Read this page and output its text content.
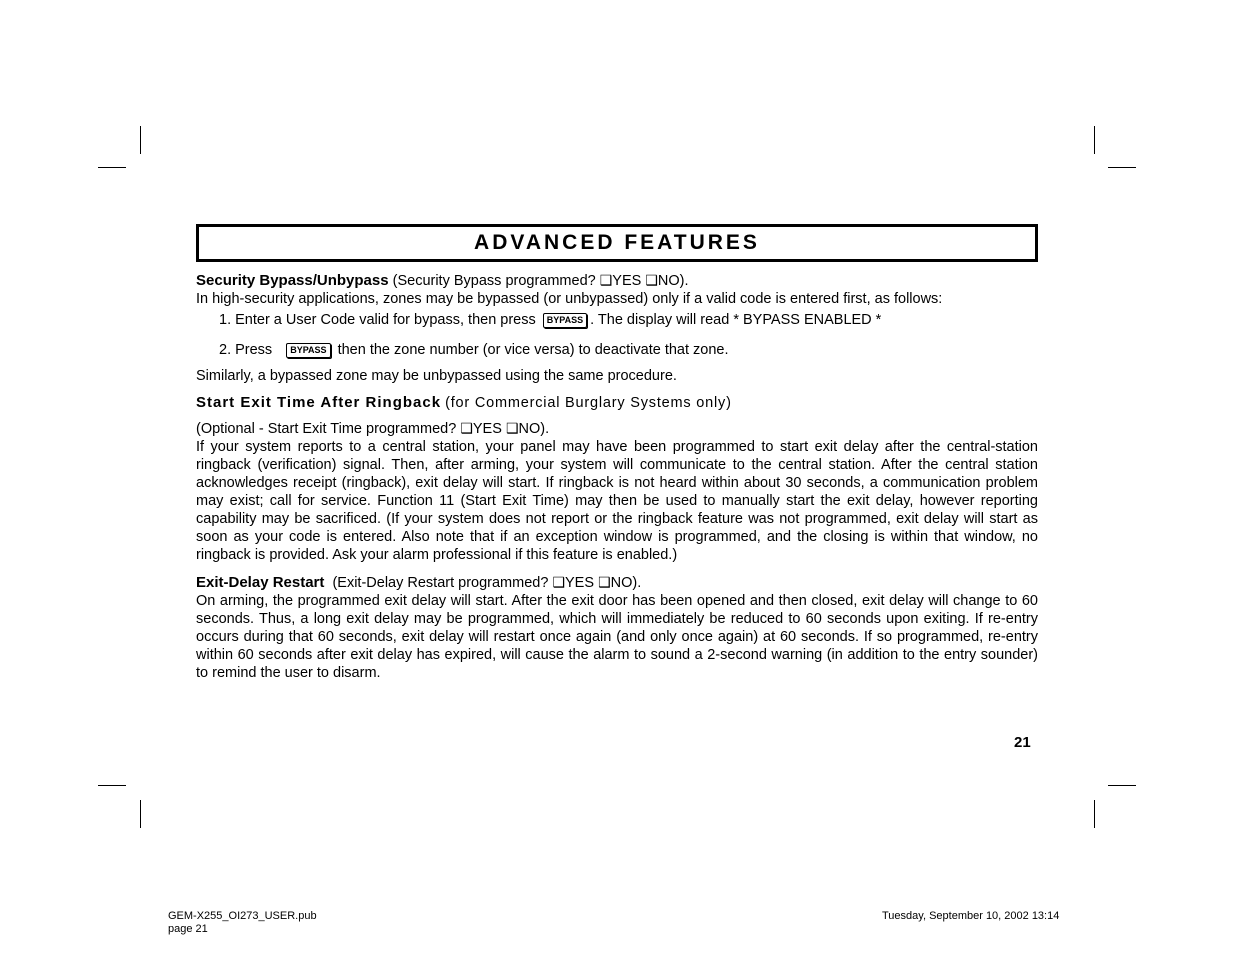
ADVANCED FEATURES
Security Bypass/Unbypass (Security Bypass programmed? ❑YES ❑NO).
In high-security applications, zones may be bypassed (or unbypassed) only if a valid code is entered first, as follows:
1. Enter a User Code valid for bypass, then press BYPASS . The display will read * BYPASS ENABLED *
2. Press BYPASS then the zone number (or vice versa) to deactivate that zone.
Similarly, a bypassed zone may be unbypassed using the same procedure.
Start Exit Time After Ringback (for Commercial Burglary Systems only)
(Optional - Start Exit Time programmed? ❑YES ❑NO).
If your system reports to a central station, your panel may have been programmed to start exit delay after the central-station ringback (verification) signal. Then, after arming, your system will communicate to the central station. After the central station acknowledges receipt (ringback), exit delay will start. If ringback is not heard within about 30 seconds, a communication problem may exist; call for service. Function 11 (Start Exit Time) may then be used to manually start the exit delay, however reporting capability may be sacrificed. (If your system does not report or the ringback feature was not programmed, exit delay will start as soon as your code is entered. Also note that if an exception window is programmed, and the closing is within that window, no ringback is provided. Ask your alarm professional if this feature is enabled.)
Exit-Delay Restart (Exit-Delay Restart programmed? ❑YES ❑NO).
On arming, the programmed exit delay will start. After the exit door has been opened and then closed, exit delay will change to 60 seconds. Thus, a long exit delay may be programmed, which will immediately be reduced to 60 seconds upon exiting. If re-entry occurs during that 60 seconds, exit delay will restart once again (and only once again) at 60 seconds. If so programmed, re-entry within 60 seconds after exit delay has expired, will cause the alarm to sound a 2-second warning (in addition to the entry sounder) to remind the user to disarm.
21
GEM-X255_OI273_USER.pub
page 21
Tuesday, September 10, 2002 13:14
